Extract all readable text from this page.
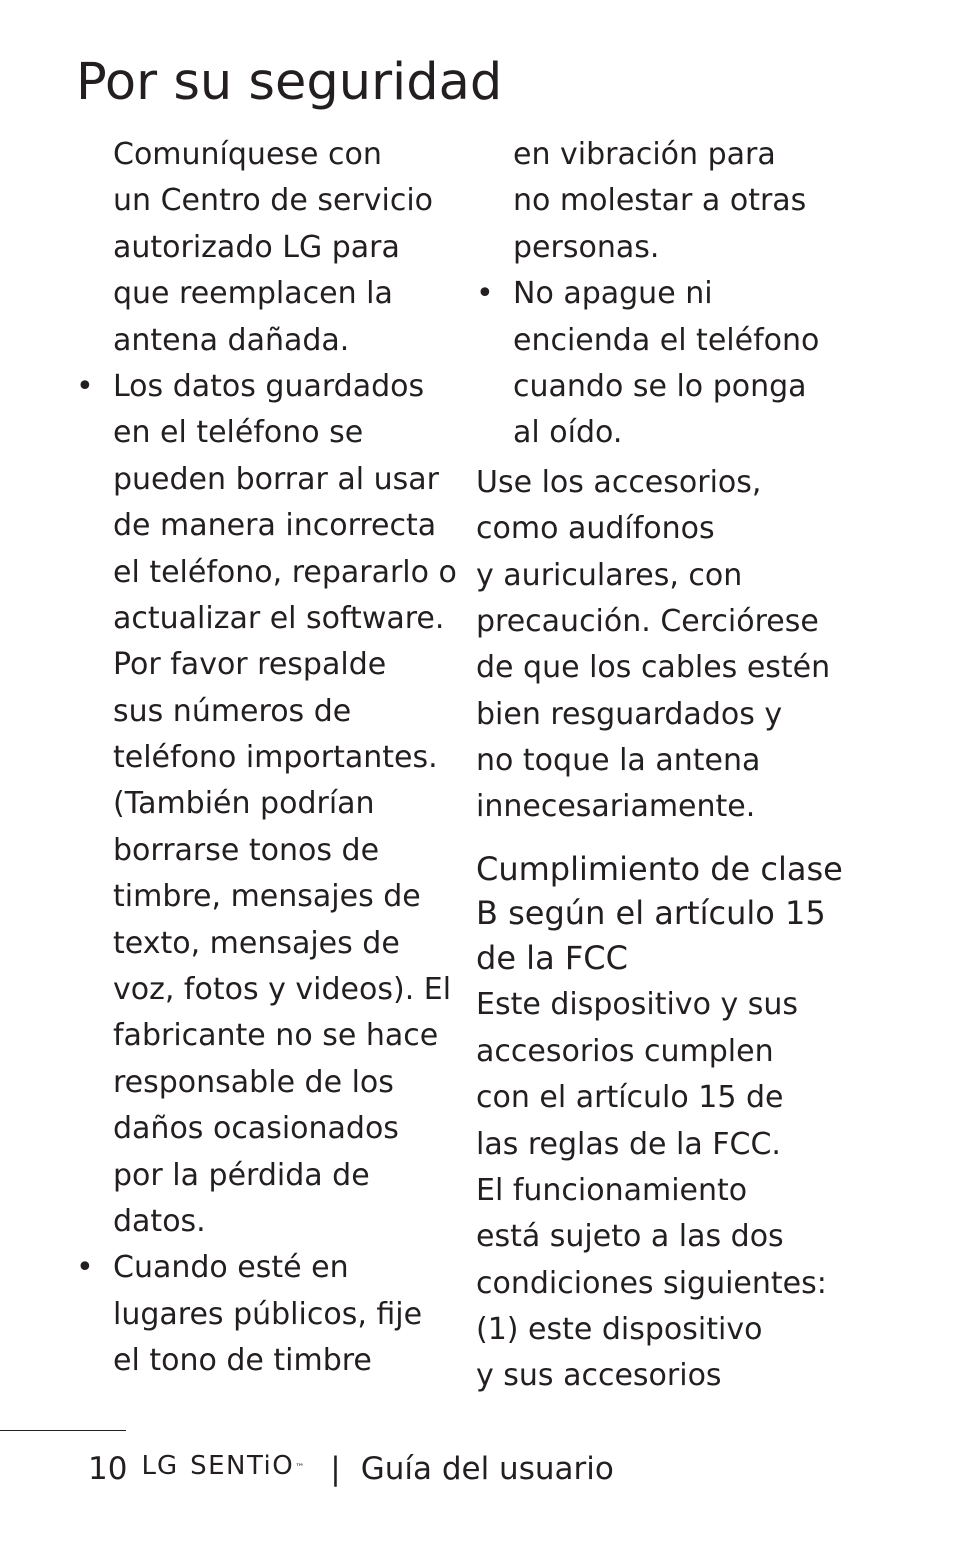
Por su seguridad
Comuníquese con
un Centro de servicio
autorizado LG para
que reemplacen la
antena dañada.
• Los datos guardados
en el teléfono se
pueden borrar al usar
de manera incorrecta
el teléfono, repararlo o
actualizar el software.
Por favor respalde
sus números de
teléfono importantes.
(También podrían
borrarse tonos de
timbre, mensajes de
texto, mensajes de
voz, fotos y videos). El
fabricante no se hace
responsable de los
daños ocasionados
por la pérdida de
datos.
• Cuando esté en
lugares públicos, fije
el tono de timbre
en vibración para
no molestar a otras
personas.
• No apague ni
encienda el teléfono
cuando se lo ponga
al oído.
Use los accesorios,
como audífonos
y auriculares, con
precaución. Cerciórese
de que los cables estén
bien resguardados y
no toque la antena
innecesariamente.
Cumplimiento de clase
B según el artículo 15
de la FCC
Este dispositivo y sus
accesorios cumplen
con el artículo 15 de
las reglas de la FCC.
El funcionamiento
está sujeto a las dos
condiciones siguientes:
(1) este dispositivo
y sus accesorios
10 LG SENTiO ™ | Guía del usuario
